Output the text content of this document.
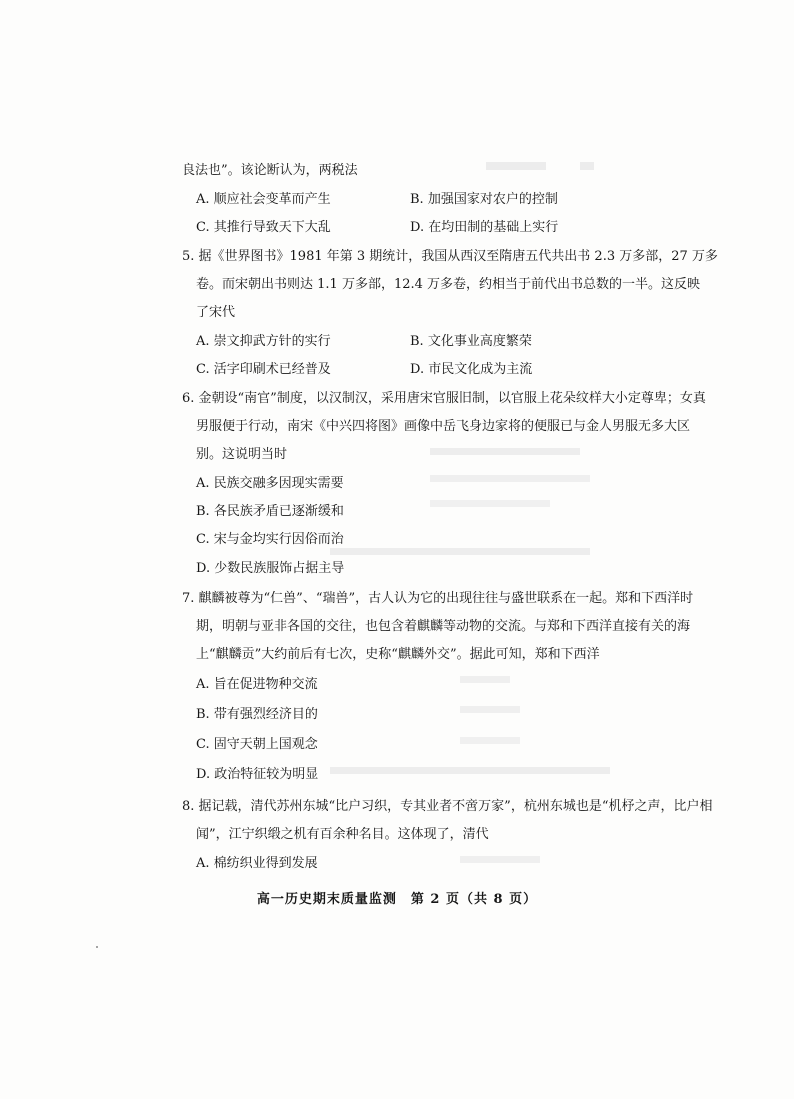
良法也”。该论断认为，两税法
A. 顺应社会变革而产生	B. 加强国家对农户的控制
C. 其推行导致天下大乱	D. 在均田制的基础上实行
5. 据《世界图书》1981 年第 3 期统计，我国从西汉至隋唐五代共出书 2.3 万多部，27 万多
卷。而宋朝出书则达 1.1 万多部，12.4 万多卷，约相当于前代出书总数的一半。这反映
了宋代
A. 崇文抑武方针的实行	B. 文化事业高度繁荣
C. 活字印刷术已经普及	D. 市民文化成为主流
6. 金朝设“南官”制度，以汉制汉，采用唐宋官服旧制，以官服上花朵纹样大小定尊卑；女真
男服便于行动，南宋《中兴四将图》画像中岳飞身边家将的便服已与金人男服无多大区
别。这说明当时
A. 民族交融多因现实需要
B. 各民族矛盾已逐渐缓和
C. 宋与金均实行因俗而治
D. 少数民族服饰占据主导
7. 麒麟被尊为“仁兽”、“瑞兽”，古人认为它的出现往往与盛世联系在一起。郑和下西洋时
期，明朝与亚非各国的交往，也包含着麒麟等动物的交流。与郑和下西洋直接有关的海
上“麒麟贡”大约前后有七次，史称“麒麟外交”。据此可知，郑和下西洋
A. 旨在促进物种交流
B. 带有强烈经济目的
C. 固守天朝上国观念
D. 政治特征较为明显
8. 据记载，清代苏州东城“比户习织，专其业者不啻万家”，杭州东城也是“机杼之声，比户相
闻”，江宁织缎之机有百余种名目。这体现了，清代
A. 棉纺织业得到发展
高一历史期末质量监测　第 2 页（共 8 页）
